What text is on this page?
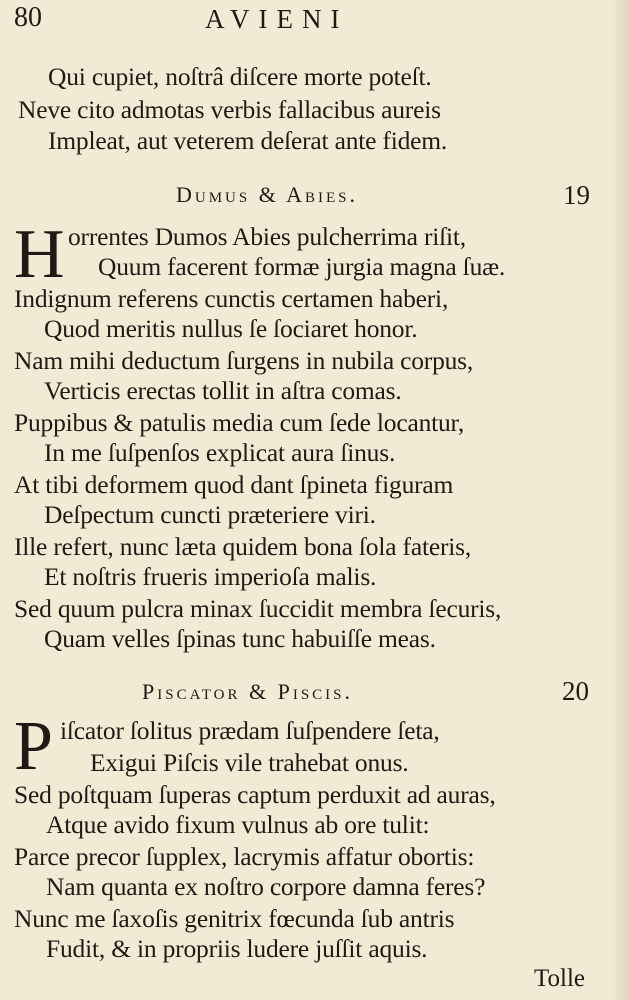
80	AVIENI
Qui cupiet, noſtrâ diſcere morte poteſt.
Neve cito admotas verbis fallacibus aureis
Impleat, aut veterem deſerat ante fidem.
Dumus & Abies.	19
H orrentes Dumos Abies pulcherrima riſit,
Quum facerent formæ jurgia magna ſuæ.
Indignum referens cunctis certamen haberi,
Quod meritis nullus ſe ſociaret honor.
Nam mihi deductum ſurgens in nubila corpus,
Verticis erectas tollit in aſtra comas.
Puppibus & patulis media cum ſede locantur,
In me ſuſpenſos explicat aura ſinus.
At tibi deformem quod dant ſpineta figuram
Deſpectum cuncti præteriere viri.
Ille refert, nunc læta quidem bona ſola fateris,
Et noſtris frueris imperioſa malis.
Sed quum pulcra minax ſuccidit membra ſecuris,
Quam velles ſpinas tunc habuiſſe meas.
Piscator & Piscis.	20
P iſcator ſolitus prædam ſuſpendere ſeta,
Exigui Piſcis vile trahebat onus.
Sed poſtquam ſuperas captum perduxit ad auras,
Atque avido fixum vulnus ab ore tulit:
Parce precor ſupplex, lacrymis affatur obortis:
Nam quanta ex noſtro corpore damna feres?
Nunc me ſaxoſis genitrix fœcunda ſub antris
Fudit, & in propriis ludere juſſit aquis.
Tolle
